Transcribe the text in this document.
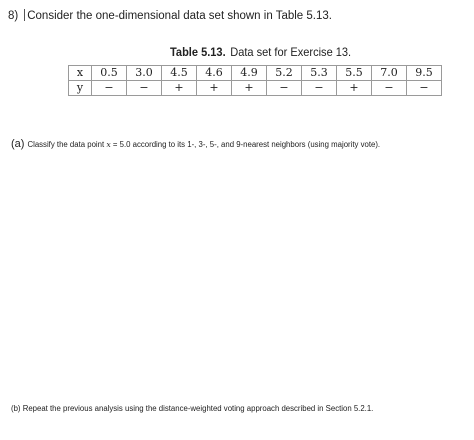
8) Consider the one-dimensional data set shown in Table 5.13.
Table 5.13. Data set for Exercise 13.
x	0.5	3.0	4.5	4.6	4.9	5.2	5.3	5.5	7.0	9.5
y	−	−	+	+	+	−	−	+	−	−
(a) Classify the data point x = 5.0 according to its 1-, 3-, 5-, and 9-nearest neighbors (using majority vote).
(b) Repeat the previous analysis using the distance-weighted voting approach described in Section 5.2.1.
